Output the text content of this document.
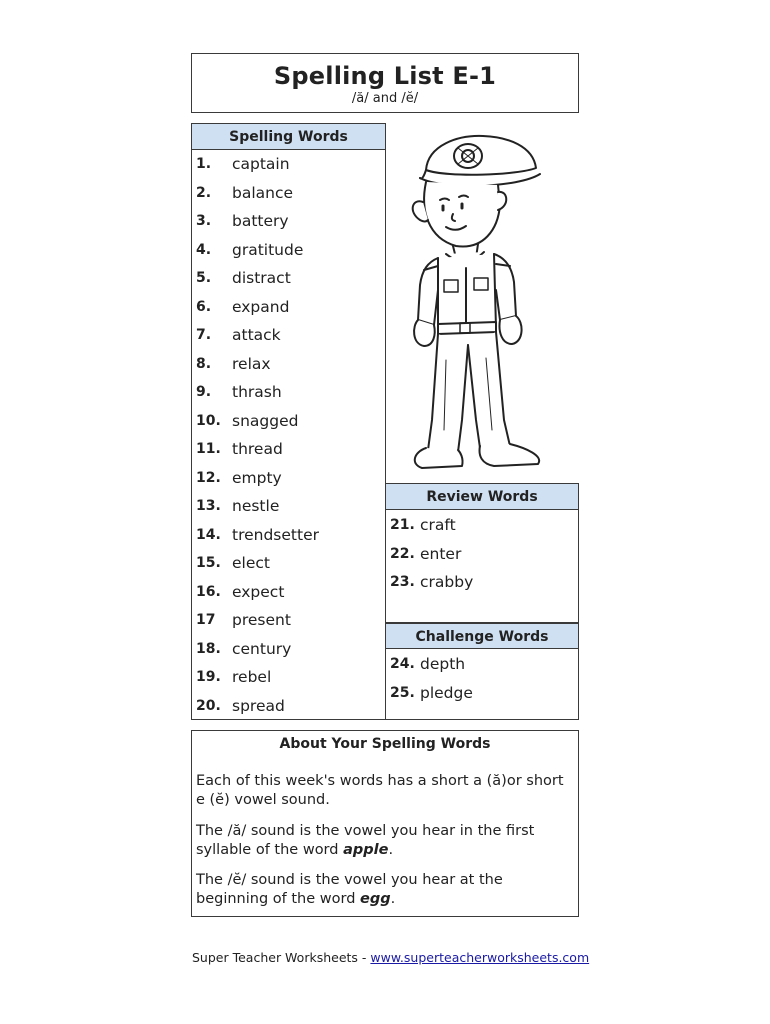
Spelling List E-1
/ă/ and /ĕ/
Spelling Words
1. captain
2. balance
3. battery
4. gratitude
5. distract
6. expand
7. attack
8. relax
9. thrash
10. snagged
11. thread
12. empty
13. nestle
14. trendsetter
15. elect
16. expect
17 present
18. century
19. rebel
20. spread
Review Words
21. craft
22. enter
23. crabby
Challenge Words
24. depth
25. pledge
About Your Spelling Words

Each of this week's words has a short a (ă)or short e (ĕ) vowel sound.

The /ă/ sound is the vowel you hear in the first syllable of the word apple.

The /ĕ/ sound is the vowel you hear at the beginning of the word egg.

Super Teacher Worksheets - www.superteacherworksheets.com
